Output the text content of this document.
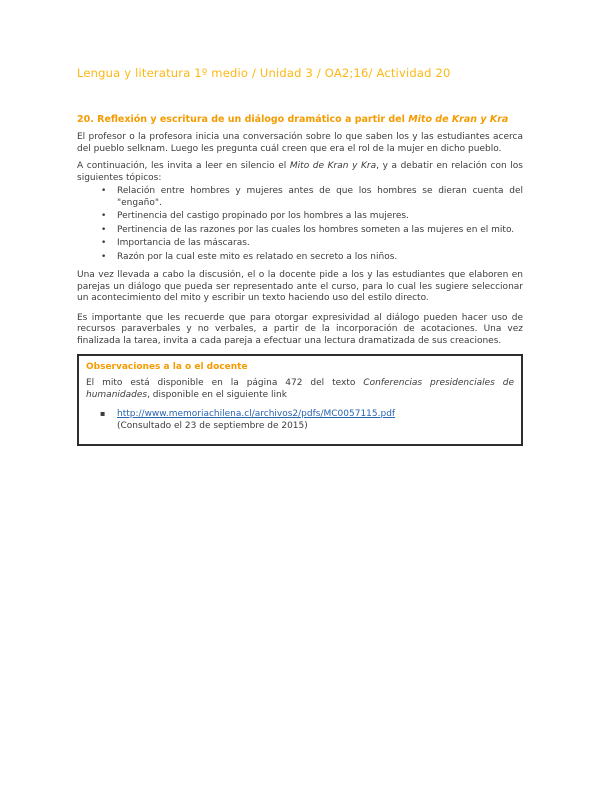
Lengua y literatura 1º medio / Unidad 3 / OA2;16/ Actividad 20
20. Reflexión y escritura de un diálogo dramático a partir del Mito de Kran y Kra

El profesor o la profesora inicia una conversación sobre lo que saben los y las estudiantes acerca del pueblo selknam. Luego les pregunta cuál creen que era el rol de la mujer en dicho pueblo.

A continuación, les invita a leer en silencio el Mito de Kran y Kra, y a debatir en relación con los siguientes tópicos:

• Relación entre hombres y mujeres antes de que los hombres se dieran cuenta del "engaño".
• Pertinencia del castigo propinado por los hombres a las mujeres.
• Pertinencia de las razones por las cuales los hombres someten a las mujeres en el mito.
• Importancia de las máscaras.
• Razón por la cual este mito es relatado en secreto a los niños.

Una vez llevada a cabo la discusión, el o la docente pide a los y las estudiantes que elaboren en parejas un diálogo que pueda ser representado ante el curso, para lo cual les sugiere seleccionar un acontecimiento del mito y escribir un texto haciendo uso del estilo directo.

Es importante que les recuerde que para otorgar expresividad al diálogo pueden hacer uso de recursos paraverbales y no verbales, a partir de la incorporación de acotaciones. Una vez finalizada la tarea, invita a cada pareja a efectuar una lectura dramatizada de sus creaciones.

Observaciones a la o el docente

El mito está disponible en la página 472 del texto Conferencias presidenciales de humanidades, disponible en el siguiente link

▪ http://www.memoriachilena.cl/archivos2/pdfs/MC0057115.pdf
(Consultado el 23 de septiembre de 2015)
